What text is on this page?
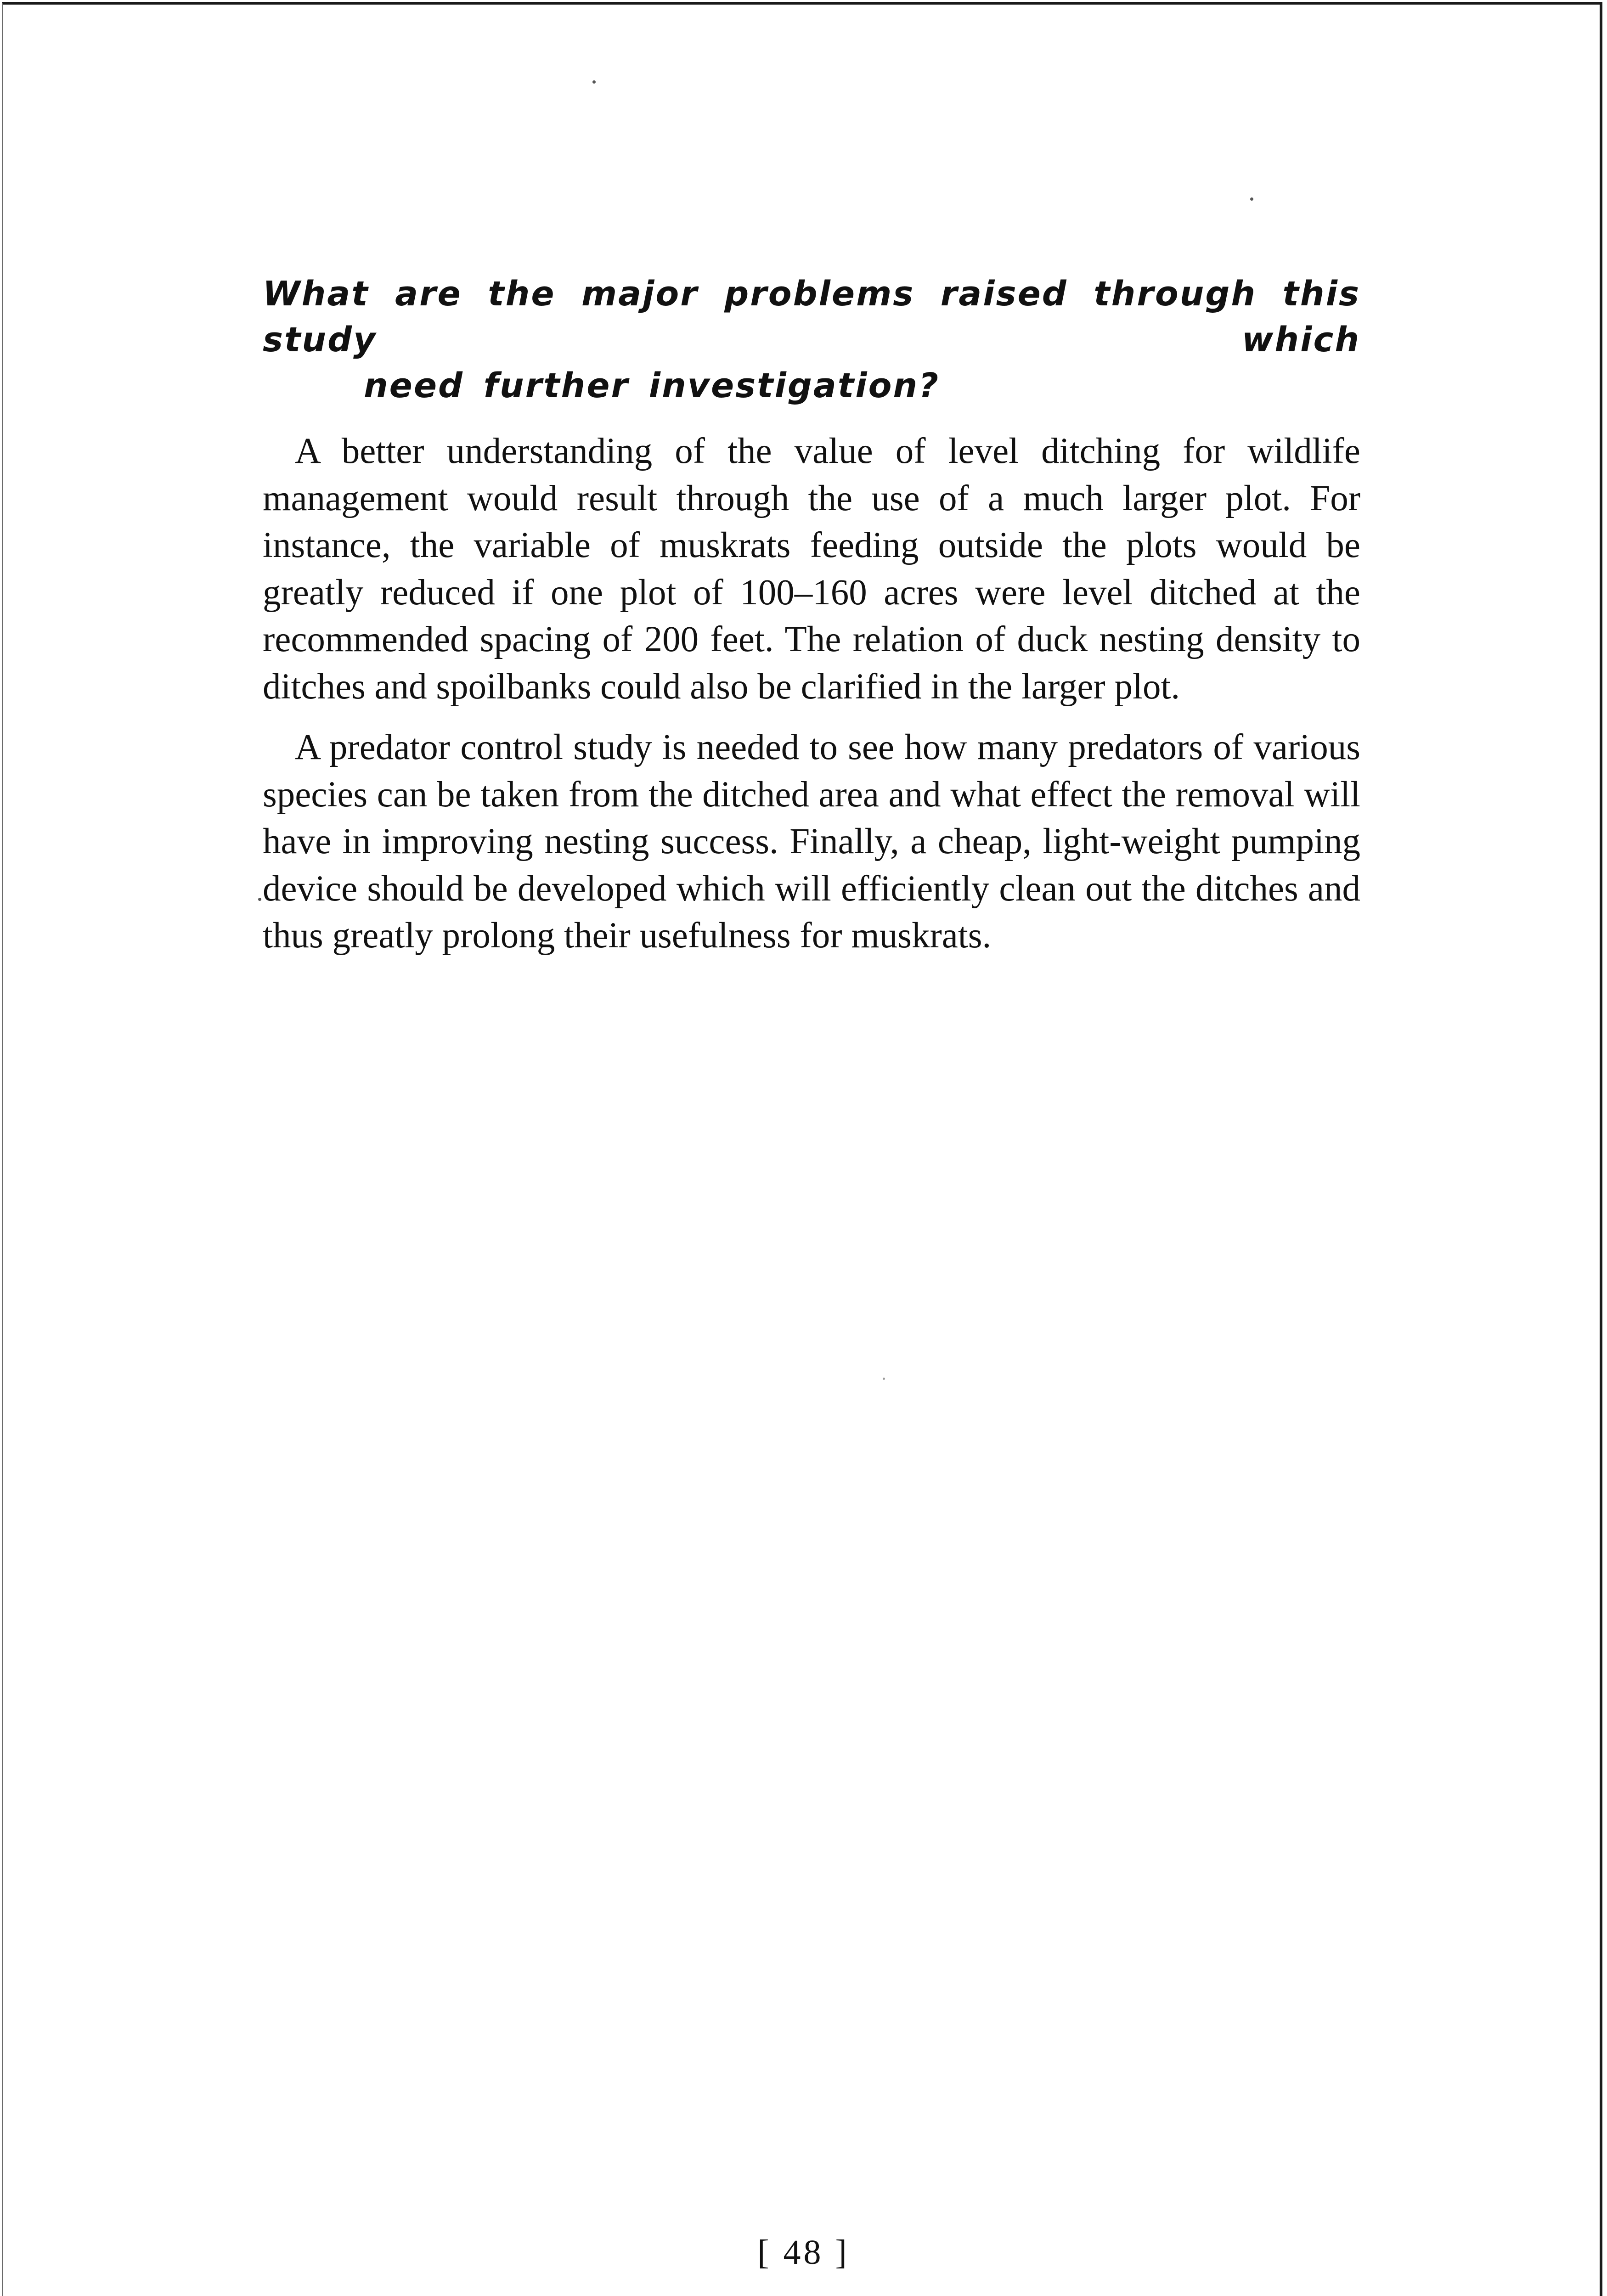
What are the major problems raised through this study which
need further investigation?

A better understanding of the value of level ditching for wildlife management would result through the use of a much larger plot. For instance, the variable of muskrats feeding outside the plots would be greatly reduced if one plot of 100–160 acres were level ditched at the recommended spacing of 200 feet. The relation of duck nesting density to ditches and spoilbanks could also be clarified in the larger plot.

A predator control study is needed to see how many predators of various species can be taken from the ditched area and what effect the removal will have in improving nesting success. Finally, a cheap, light-weight pumping device should be developed which will efficiently clean out the ditches and thus greatly prolong their usefulness for muskrats.

[ 48 ]
